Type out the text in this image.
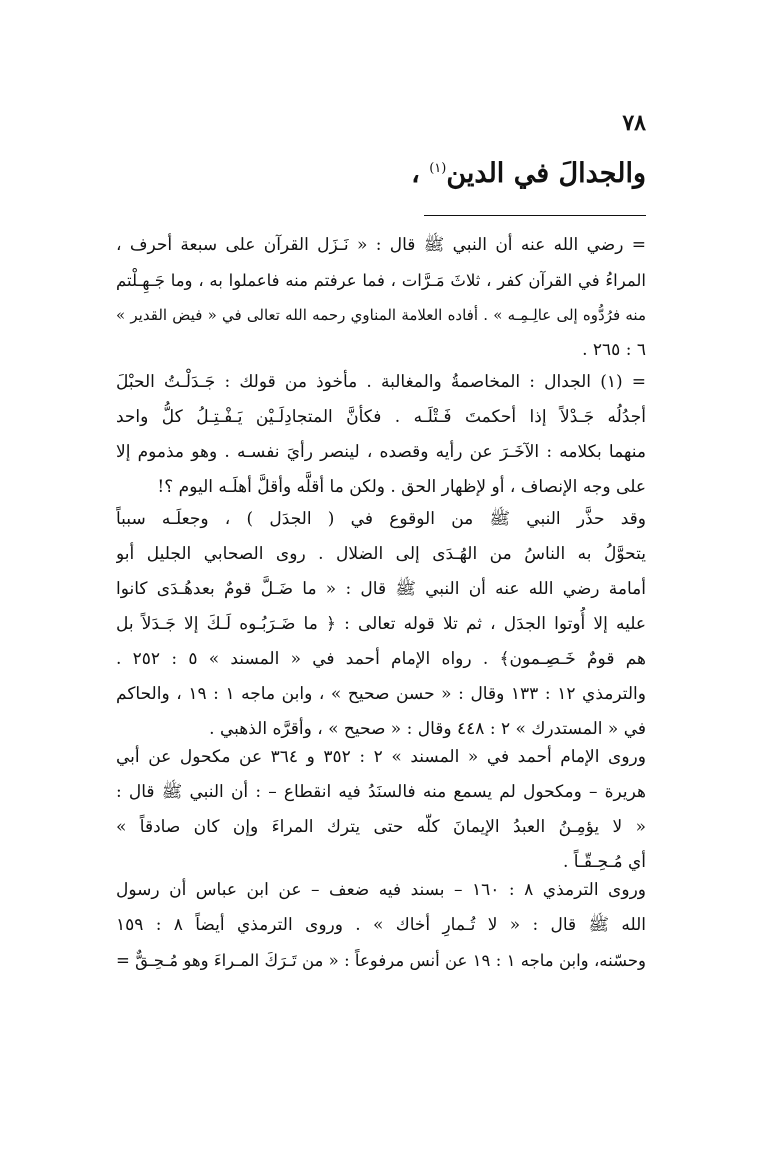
٧٨
والجدالَ في الدين$^{(١)}$ ،
= رضي الله عنه أن النبي ﷺ قال : « نَـزَل القرآن على سبعة أحرف ،
المراءُ في القرآن كفر ، ثلاثَ مَـرَّات ، فما عرفتم منه فاعملوا به ، وما جَـهِـلْتم
منه فرُدُّوه إلى عالِـمِـه » . أفاده العلامة المناوي رحمه الله تعالى في « فيض القدير »
٦ : ٢٦٥ .
= (١) الجدال : المخاصمةُ والمغالبة . مأخوذ من قولك : جَـدَلْـتُ الحبْلَ
أجدُلُه جَـدْلاً إذا أحكمتَ فَـتْلَـه . فكأنَّ المتجادِلَـيْن يَـفْـتِـلُ كلُّ واحد
منهما بكلامه : الآخَـرَ عن رأيه وقصده ، لينصر رأيَ نفسـه . وهو مذموم إلا
على وجه الإنصاف ، أو لإظهار الحق . ولكن ما أقلَّه وأقلَّ أهلَـه اليوم ؟!
وقد حذَّر النبي ﷺ من الوقوع في ( الجدَل ) ، وجعلَـه سبباً
يتحوَّلُ به الناسُ من الهُـدَى إلى الضلال . روى الصحابي الجليل أبو
أمامة رضي الله عنه أن النبي ﷺ قال : « ما ضَـلَّ قومٌ بعدهُـدَى كانوا
عليه إلا أُوتوا الجدَل ، ثم تلا قوله تعالى : ﴿ ما ضَـرَبُـوه لَـكَ إلا جَـدَلاً بل
هم قومٌ خَـصِـمون﴾ . رواه الإمام أحمد في « المسند » ٥ : ٢٥٢ .
والترمذي ١٢ : ١٣٣ وقال : « حسن صحيح » ، وابن ماجه ١ : ١٩ ، والحاكم
في « المستدرك » ٢ : ٤٤٨ وقال : « صحيح » ، وأقرَّه الذهبي .
وروى الإمام أحمد في « المسند » ٢ : ٣٥٢ و ٣٦٤ عن مكحول عن أبي
هريرة – ومكحول لم يسمع منه فالسنَدُ فيه انقطاع – : أن النبي ﷺ قال :
« لا يؤمِـنُ العبدُ الإيمانَ كلّه حتى يترك المراءَ وإن كان صادقاً »
أي مُـحِـقّـاً .
وروى الترمذي ٨ : ١٦٠ – بسند فيه ضعف – عن ابن عباس أن رسول
الله ﷺ قال : « لا تُـمارِ أخاك » . وروى الترمذي أيضاً ٨ : ١٥٩
وحسّنه، وابن ماجه ١ : ١٩ عن أنس مرفوعاً : « من تَـرَكَ المـراءَ وهو مُـحِـقٌّ =
